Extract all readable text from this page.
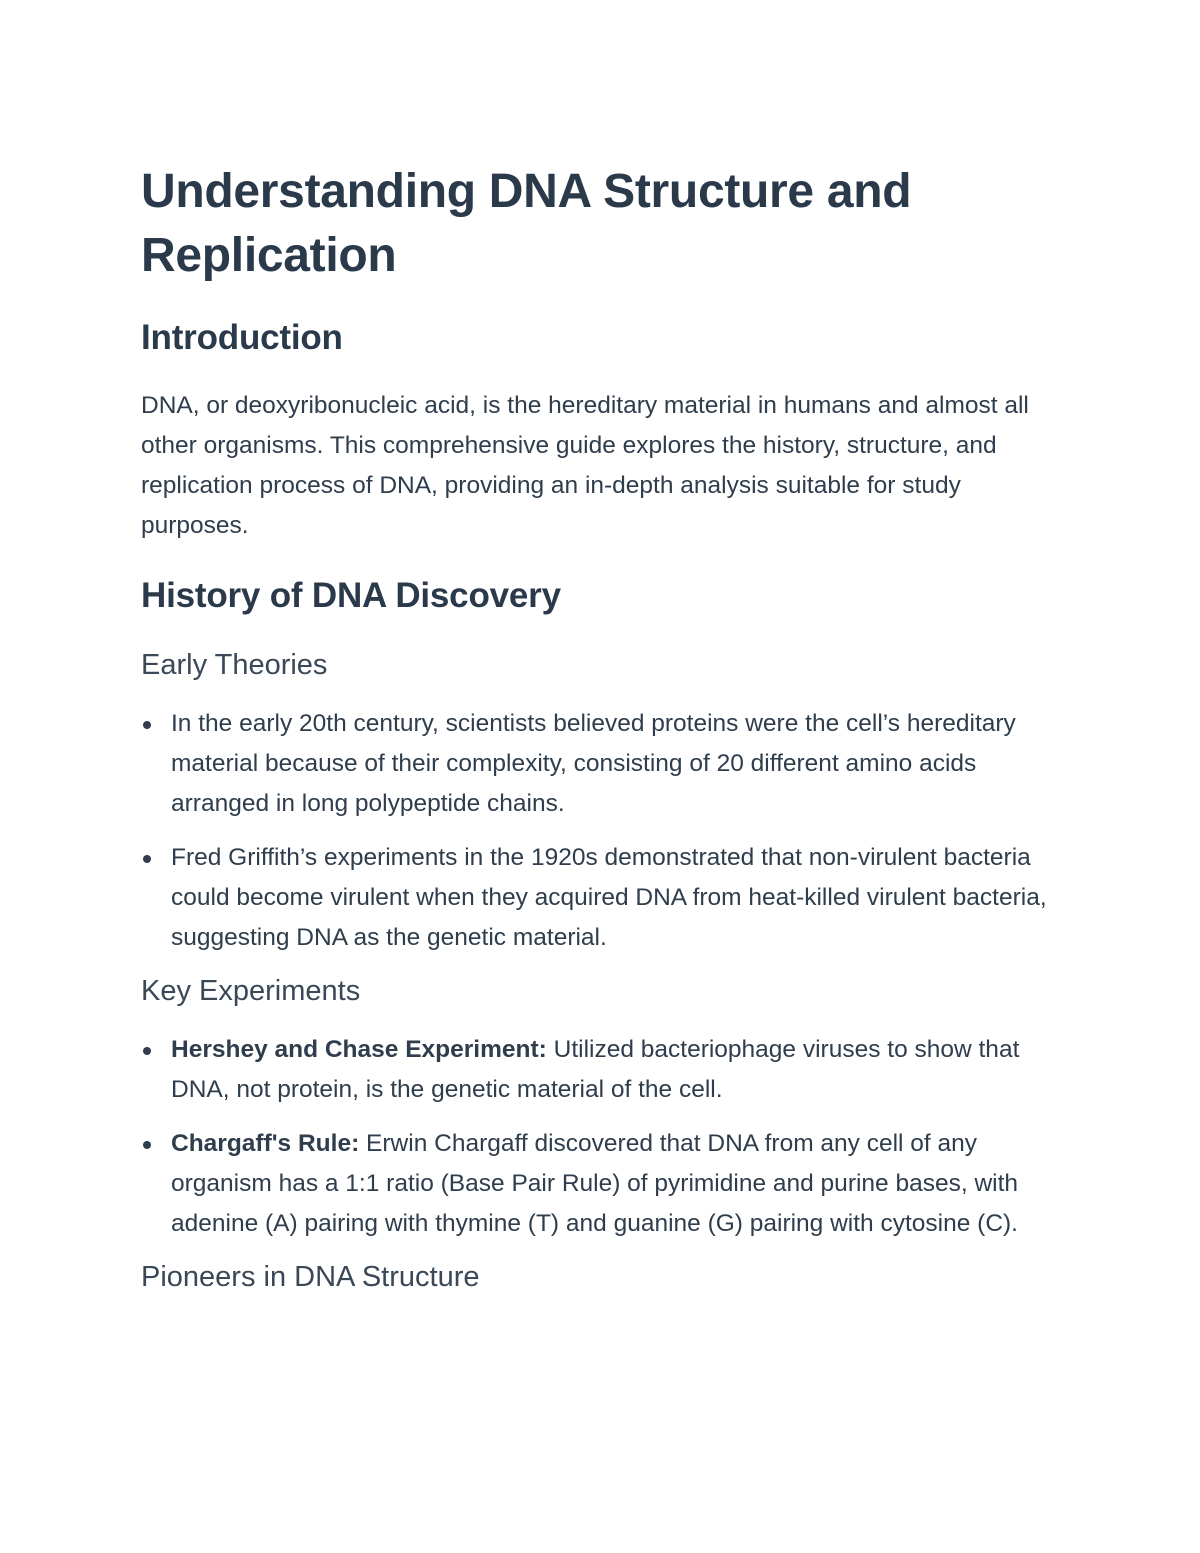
Understanding DNA Structure and Replication
Introduction

DNA, or deoxyribonucleic acid, is the hereditary material in humans and almost all other organisms. This comprehensive guide explores the history, structure, and replication process of DNA, providing an in-depth analysis suitable for study purposes.

History of DNA Discovery
Early Theories
In the early 20th century, scientists believed proteins were the cell’s hereditary material because of their complexity, consisting of 20 different amino acids arranged in long polypeptide chains.
Fred Griffith’s experiments in the 1920s demonstrated that non-virulent bacteria could become virulent when they acquired DNA from heat-killed virulent bacteria, suggesting DNA as the genetic material.
Key Experiments
Hershey and Chase Experiment: Utilized bacteriophage viruses to show that DNA, not protein, is the genetic material of the cell.
Chargaff's Rule: Erwin Chargaff discovered that DNA from any cell of any organism has a 1:1 ratio (Base Pair Rule) of pyrimidine and purine bases, with adenine (A) pairing with thymine (T) and guanine (G) pairing with cytosine (C).
Pioneers in DNA Structure
